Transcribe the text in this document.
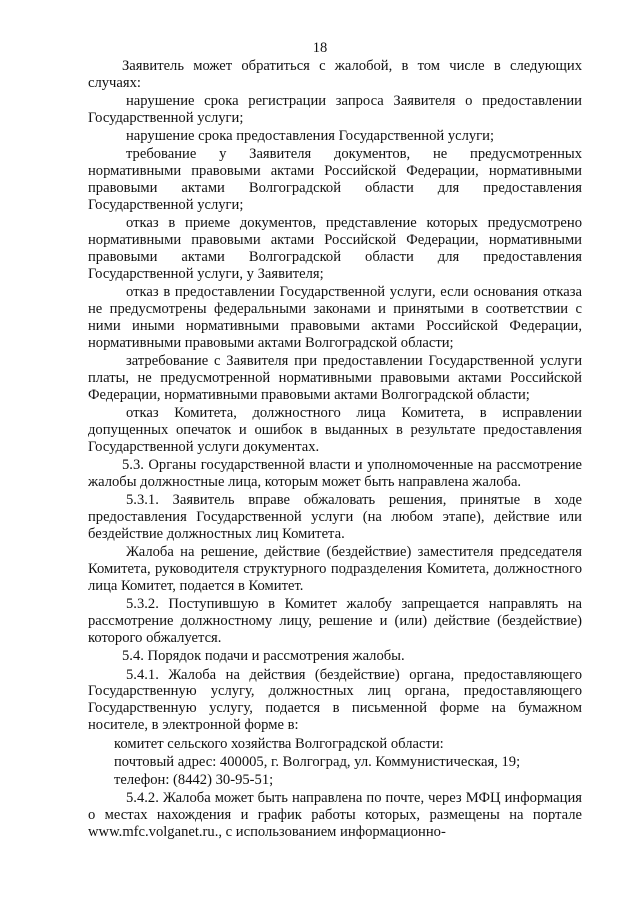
18

Заявитель может обратиться с жалобой, в том числе в следующих случаях:

нарушение срока регистрации запроса Заявителя о предоставлении Государственной услуги;

нарушение срока предоставления Государственной услуги;

требование у Заявителя документов, не предусмотренных нормативными правовыми актами Российской Федерации, нормативными правовыми актами Волгоградской области для предоставления Государственной услуги;

отказ в приеме документов, представление которых предусмотрено нормативными правовыми актами Российской Федерации, нормативными правовыми актами Волгоградской области для предоставления Государственной услуги, у Заявителя;

отказ в предоставлении Государственной услуги, если основания отказа не предусмотрены федеральными законами и принятыми в соответствии с ними иными нормативными правовыми актами Российской Федерации, нормативными правовыми актами Волгоградской области;

затребование с Заявителя при предоставлении Государственной услуги платы, не предусмотренной нормативными правовыми актами Российской Федерации, нормативными правовыми актами Волгоградской области;

отказ Комитета, должностного лица Комитета, в исправлении допущенных опечаток и ошибок в выданных в результате предоставления Государственной услуги документах.

5.3. Органы государственной власти и уполномоченные на рассмотрение жалобы должностные лица, которым может быть направлена жалоба.

5.3.1. Заявитель вправе обжаловать решения, принятые в ходе предоставления Государственной услуги (на любом этапе), действие или бездействие должностных лиц Комитета.

Жалоба на решение, действие (бездействие) заместителя председателя Комитета, руководителя структурного подразделения Комитета, должностного лица Комитет, подается в Комитет.

5.3.2. Поступившую в Комитет жалобу запрещается направлять на рассмотрение должностному лицу, решение и (или) действие (бездействие) которого обжалуется.

5.4. Порядок подачи и рассмотрения жалобы.

5.4.1. Жалоба на действия (бездействие) органа, предоставляющего Государственную услугу, должностных лиц органа, предоставляющего Государственную услугу, подается в письменной форме на бумажном носителе, в электронной форме в:

комитет сельского хозяйства Волгоградской области:

почтовый адрес: 400005, г. Волгоград, ул. Коммунистическая, 19;

телефон: (8442) 30-95-51;

5.4.2. Жалоба может быть направлена по почте, через МФЦ информация о местах нахождения и график работы которых, размещены на портале www.mfc.volganet.ru., с использованием информационно-
